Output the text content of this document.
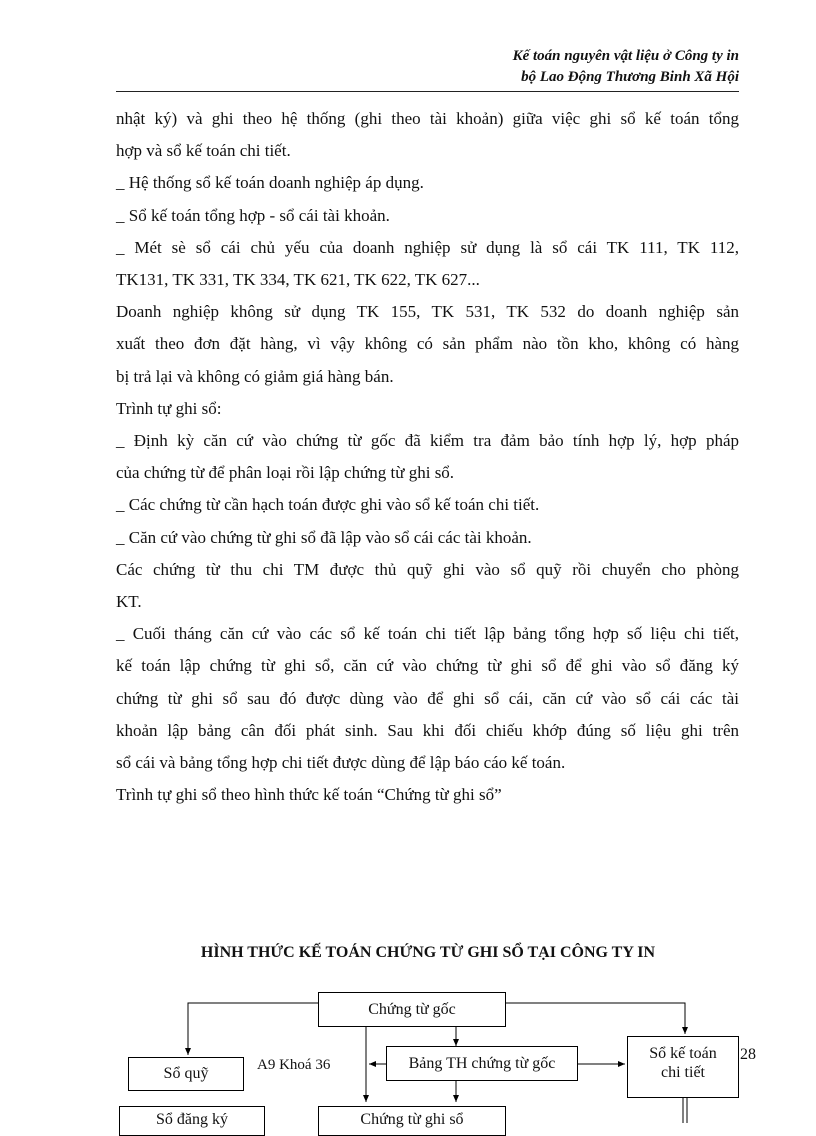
Kế toán nguyên vật liệu ở Công ty in
bộ Lao Động Thương Binh Xã Hội

nhật ký) và ghi theo hệ thống (ghi theo tài khoản) giữa việc ghi sổ kế toán tổng

hợp và sổ kế toán chi tiết.

_ Hệ thống sổ kế toán doanh nghiệp áp dụng.

_ Sổ kế toán tổng hợp - sổ cái tài khoản.

_ Mét sè sổ cái chủ yếu của doanh nghiệp sử dụng là sổ cái TK 111, TK 112,

TK131, TK 331, TK 334, TK 621, TK 622, TK 627...

Doanh nghiệp không sử dụng TK 155, TK 531, TK 532 do doanh nghiệp sản

xuất theo đơn đặt hàng, vì vậy không có sản phẩm nào tồn kho, không có hàng

bị trả lại và không có giảm giá hàng bán.

Trình tự ghi sổ:

_ Định kỳ căn cứ vào chứng từ gốc đã kiểm tra đảm bảo tính hợp lý, hợp pháp

của chứng từ để phân loại rồi lập chứng từ ghi sổ.

_ Các chứng từ cần hạch toán được ghi vào sổ kế toán chi tiết.

_ Căn cứ vào chứng từ ghi sổ đã lập vào sổ cái các tài khoản.

Các chứng từ thu chi TM được thủ quỹ ghi vào sổ quỹ rồi chuyển cho phòng

KT.

_ Cuối tháng căn cứ vào các sổ kế toán chi tiết lập bảng tổng hợp số liệu chi tiết,

kế toán lập chứng từ ghi sổ, căn cứ vào chứng từ ghi sổ để ghi vào sổ đăng ký

chứng từ ghi sổ sau đó được dùng vào để ghi sổ cái, căn cứ vào sổ cái các tài

khoản lập bảng cân đối phát sinh. Sau khi đối chiếu khớp đúng số liệu ghi trên

sổ cái và bảng tổng hợp chi tiết được dùng để lập báo cáo kế toán.

Trình tự ghi sổ theo hình thức kế toán “Chứng từ ghi sổ”

HÌNH THỨC KẾ TOÁN CHỨNG TỪ GHI SỔ TẠI CÔNG TY IN
Chứng từ gốc
Bảng TH chứng từ gốc
Sổ kế toán
chi tiết
Sổ quỹ
Sổ đăng ký	Chứng từ ghi sổ
A9 Khoá 36
28
